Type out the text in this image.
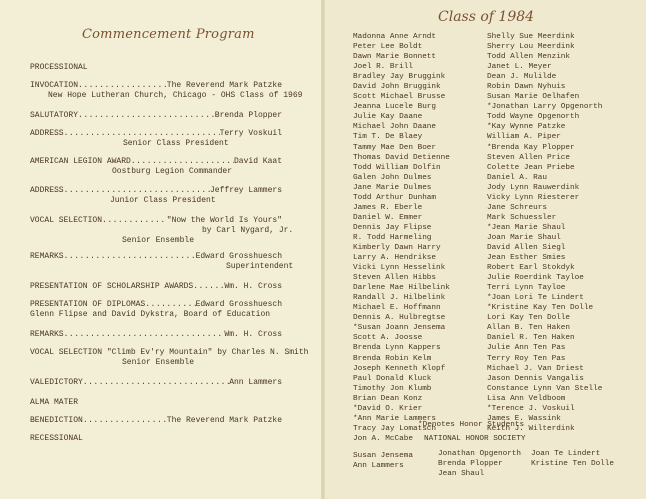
Commencement Program
PROCESSIONAL
INVOCATION .....	The Reverend Mark Patzke
New Hope Lutheran Church, Chicago - OHS Class of 1969
SALUTATORY .....	Brenda Plopper
ADDRESS .....	Terry Voskuil
Senior Class President
AMERICAN LEGION AWARD .....	David Kaat
Oostburg Legion Commander
ADDRESS .....	Jeffrey Lammers
Junior Class President
VOCAL SELECTION .....	"Now the World Is Yours"
by Carl Nygard, Jr.
Senior Ensemble
REMARKS .....	Edward Grosshuesch
Superintendent
PRESENTATION OF SCHOLARSHIP AWARDS .....	Wm. H. Cross
PRESENTATION OF DIPLOMAS .....	Edward Grosshuesch
Glenn Flipse and David Dykstra, Board of Education
REMARKS .....	Wm. H. Cross
VOCAL SELECTION "Climb Ev'ry Mountain" by Charles N. Smith
Senior Ensemble
VALEDICTORY .....	Ann Lammers
ALMA MATER
BENEDICTION .....	The Reverend Mark Patzke
RECESSIONAL
Class of 1984
Madonna Anne Arndt
Peter Lee Boldt
Dawn Marie Bonnett
Joel R. Brill
Bradley Jay Bruggink
David John Bruggink
Scott Michael Brusse
Jeanna Lucele Burg
Julie Kay Daane
Michael John Daane
Tim T. De Blaey
Tammy Mae Den Boer
Thomas David Detienne
Todd William Dolfin
Galen John Dulmes
Jane Marie Dulmes
Todd Arthur Dunham
James R. Eberle
Daniel W. Emmer
Dennis Jay Flipse
R. Todd Harmeling
Kimberly Dawn Harry
Larry A. Hendrikse
Vicki Lynn Hesselink
Steven Allen Hibbs
Darlene Mae Hilbelink
Randall J. Hilbelink
Michael E. Hoffmann
Dennis A. Hulbregtse
*Susan Joann Jensema
Scott A. Joosse
Brenda Lynn Kappers
Brenda Robin Kelm
Joseph Kenneth Klopf
Paul Donald Kluck
Timothy Jon Klumb
Brian Dean Konz
*David O. Krier
*Ann Marie Lammers
Tracy Jay Lomatsch
Jon A. McCabe
Shelly Sue Meerdink
Sherry Lou Meerdink
Todd Allen Menzink
Janet L. Meyer
Dean J. Mulilde
Robin Dawn Nyhuis
Susan Marie Oelhafen
*Jonathan Larry Opgenorth
Todd Wayne Opgenorth
*Kay Wynne Patzke
William A. Piper
*Brenda Kay Plopper
Steven Allen Price
Colette Jean Priebe
Daniel A. Rau
Jody Lynn Rauwerdink
Vicky Lynn Riesterer
Jane Schreurs
Mark Schuessler
*Jean Marie Shaul
Joan Marie Shaul
David Allen Siegl
Jean Esther Smies
Robert Earl Stokdyk
Julie Roerdink Tayloe
Terri Lynn Tayloe
*Joan Lori Te Lindert
*Kristine Kay Ten Dolle
Lori Kay Ten Dolle
Allan B. Ten Haken
Daniel R. Ten Haken
Julie Ann Ten Pas
Terry Roy Ten Pas
Michael J. Van Driest
Jason Dennis Vangalis
Constance Lynn Van Stelle
Lisa Ann Veldboom
*Terence J. Voskuil
James E. Wassink
Keith J. Wilterdink
*Denotes Honor Students
NATIONAL HONOR SOCIETY
Susan Jensema
Ann Lammers
Jonathan Opgenorth
Brenda Plopper
Jean Shaul
Joan Te Lindert
Kristine Ten Dolle
